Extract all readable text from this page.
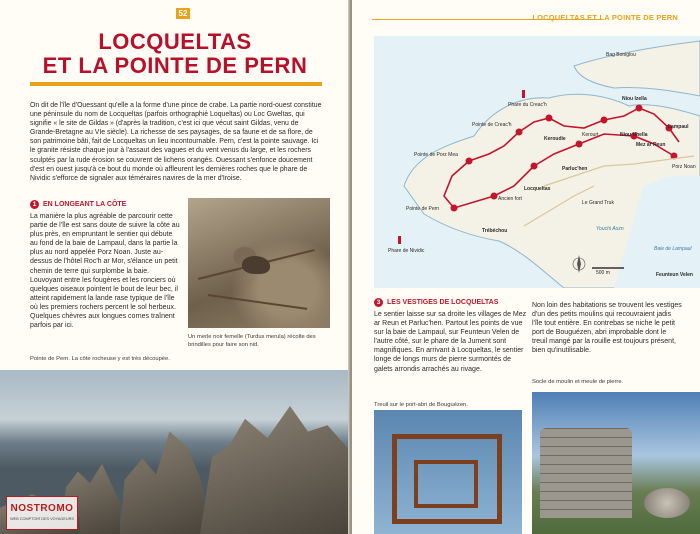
52
LOCQUELTAS
ET LA POINTE DE PERN

On dit de l'île d'Ouessant qu'elle a la forme d'une pince de crabe. La partie nord-ouest constitue une péninsule du nom de Locqueltas (parfois orthographié Loqueltas) ou Loc Gweltas, qui signifie « le site de Gildas » (d'après la tradition, c'est ici que vécut saint Gildas, venu de Grande-Bretagne au VIe siècle). La richesse de ses paysages, de sa faune et de sa flore, de son patrimoine bâti, fait de Locqueltas un lieu incontournable. Pern, c'est la pointe sauvage. Ici le granite résiste chaque jour à l'assaut des vagues et du vent venus du large, et les rochers sculptés par la rude érosion se couvrent de lichens orangés. Ouessant s'enfonce doucement d'est en ouest jusqu'à ce bout du monde où affleurent les dernières roches que le phare de Nividic s'efforce de signaler aux téméraires navires de la mer d'Iroise.

1 EN LONGEANT LA CÔTE

La manière la plus agréable de parcourir cette partie de l'île est sans doute de suivre la côte au plus près, en empruntant le sentier qui débute au fond de la baie de Lampaul, dans la partie la plus au nord appelée Porz Noan. Juste au-dessus de l'hôtel Roc'h ar Mor, s'élance un petit chemin de terre qui surplombe la baie. Louvoyant entre les fougères et les ronciers où quelques oiseaux pointent le bout de leur bec, il atteint rapidement la lande rase typique de l'île où les premiers rochers percent le sol herbeux. Quelques chèvres aux longues cornes traînent parfois par ici.

Un merle noir femelle (Turdus merula) récolte des brindilles pour faire son nid.

Pointe de Pern. La côte rocheuse y est très découpée.

NOSTROMO
WEB COMPTOIR DES VOYAGEURS
LOCQUELTAS ET LA POINTE DE PERN
Baie de Lampaul
Pointe de Creac'h
Phare du Creac'h
Pointe de Porz Mea
Pointe de Pern
Phare de Nividic
Trébéchou
Locqueltas
Parluc'hen
Keroudie
Kerourt
Niou Izella
Niou Uhella
Lampaul
Mez ar Reun
Le Grand Truk
Youchi Aozn
Feunteun Velen
Bag Boniglou
Porz Noan
Ancien fort
500 m
3 LES VESTIGES DE LOCQUELTAS

Le sentier laisse sur sa droite les villages de Mez ar Reun et Parluc'hen. Partout les points de vue sur la baie de Lampaul, sur Feunteun Velen de l'autre côté, sur le phare de la Jument sont magnifiques. En arrivant à Locqueltas, le sentier longe de longs murs de pierre surmontés de galets arrondis arrachés au rivage.

Non loin des habitations se trouvent les vestiges d'un des petits moulins qui recouvraient jadis l'île tout entière. En contrebas se niche le petit port de Bouguézen, abri improbable dont le treuil mangé par la rouille est toujours présent, bien qu'inutilisable.

Treuil sur le port-abri de Bouguézen.

Socle de moulin et meule de pierre.
